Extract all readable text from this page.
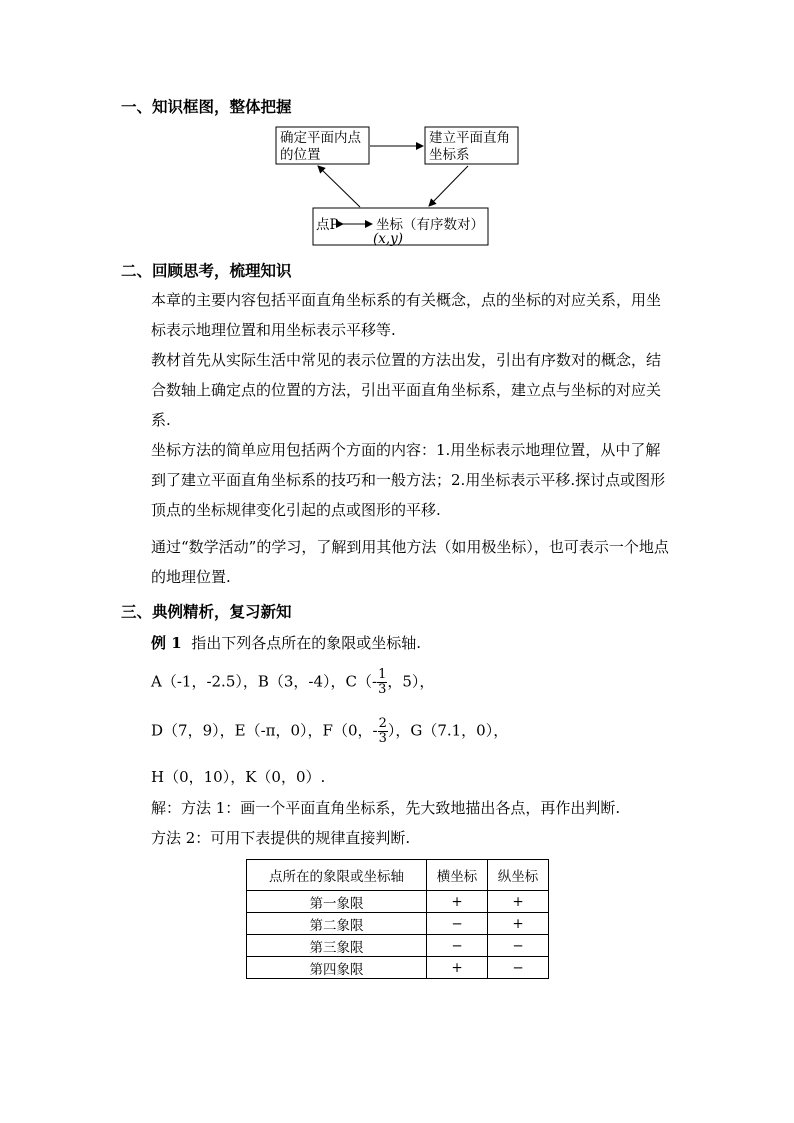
一、知识框图，整体把握
确定平面内点
的位置
建立平面直角
坐标系
点P	坐标（有序数对）
(x,y)
二、回顾思考，梳理知识
本章的主要内容包括平面直角坐标系的有关概念，点的坐标的对应关系，用坐标表示地理位置和用坐标表示平移等.
教材首先从实际生活中常见的表示位置的方法出发，引出有序数对的概念，结合数轴上确定点的位置的方法，引出平面直角坐标系，建立点与坐标的对应关系.
坐标方法的简单应用包括两个方面的内容：1.用坐标表示地理位置，从中了解到了建立平面直角坐标系的技巧和一般方法；2.用坐标表示平移.探讨点或图形顶点的坐标规律变化引起的点或图形的平移.
通过“数学活动”的学习，了解到用其他方法（如用极坐标），也可表示一个地点的地理位置.
三、典例精析，复习新知
例 1 指出下列各点所在的象限或坐标轴.
A（-1，-2.5），B（3，-4），$C(- \frac{1}{3}$ ，5），
D（7，9），E（-π，0），F（0，- $\frac{2}{3}$ ），G（7.1，0），
H（0，10），K（0，0）.
解：方法 1：画一个平面直角坐标系，先大致地描出各点，再作出判断.
方法 2：可用下表提供的规律直接判断.
点所在的象限或坐标轴	横坐标	纵坐标
第一象限	+	+
第二象限	−	+
第三象限	−	−
第四象限	+	−
